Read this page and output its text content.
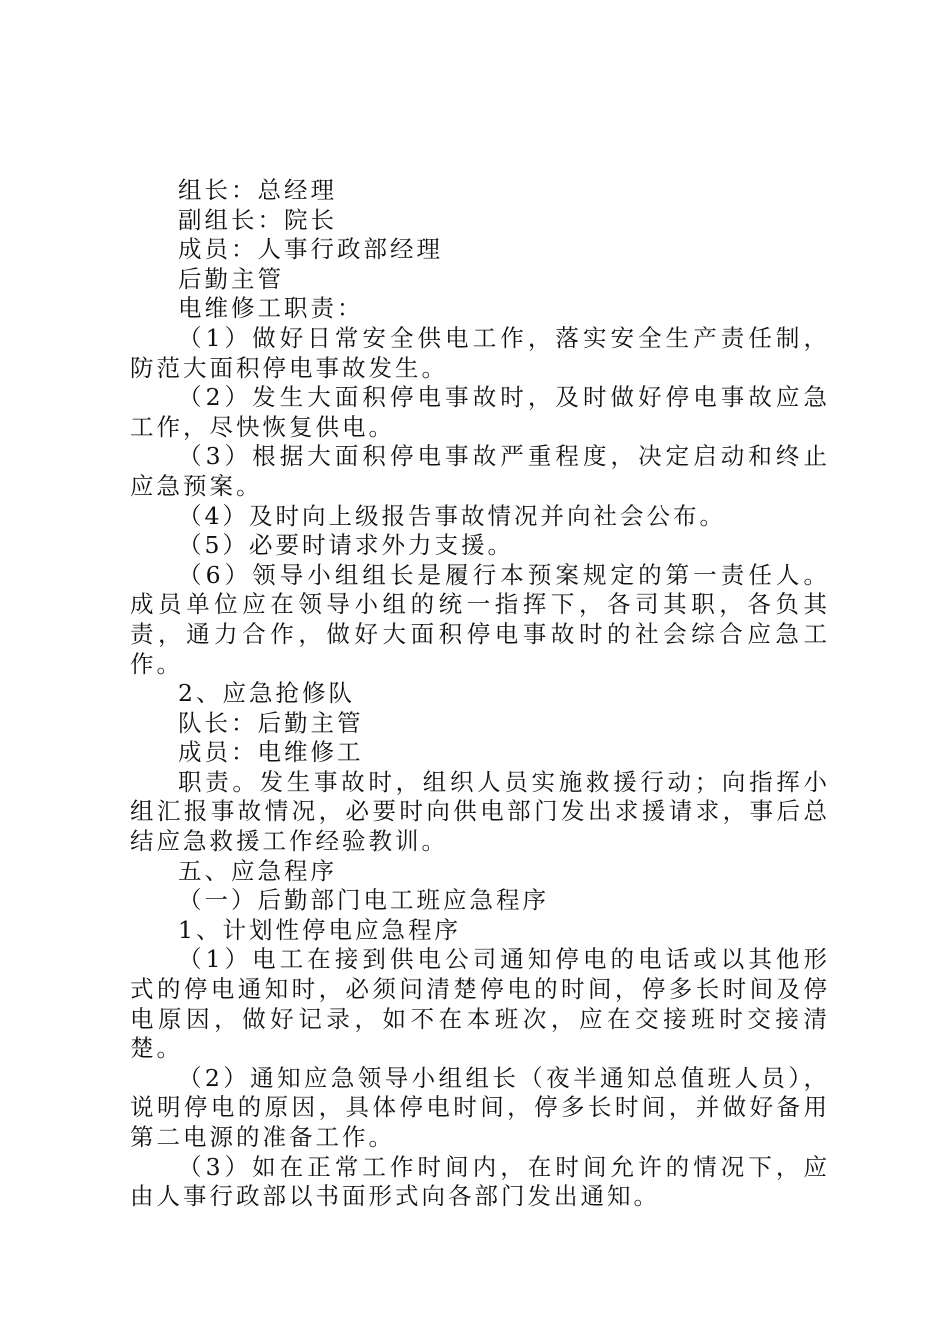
组长：总经理

副组长：院长

成员：人事行政部经理

后勤主管

电维修工职责：

（1）做好日常安全供电工作，落实安全生产责任制，防范大面积停电事故发生。

（2）发生大面积停电事故时，及时做好停电事故应急工作，尽快恢复供电。

（3）根据大面积停电事故严重程度，决定启动和终止应急预案。

（4）及时向上级报告事故情况并向社会公布。

（5）必要时请求外力支援。

（6）领导小组组长是履行本预案规定的第一责任人。成员单位应在领导小组的统一指挥下，各司其职，各负其责，通力合作，做好大面积停电事故时的社会综合应急工作。

2、应急抢修队

队长：后勤主管

成员：电维修工

职责。发生事故时，组织人员实施救援行动；向指挥小组汇报事故情况，必要时向供电部门发出求援请求，事后总结应急救援工作经验教训。

五、应急程序

（一）后勤部门电工班应急程序

1、计划性停电应急程序

（1）电工在接到供电公司通知停电的电话或以其他形式的停电通知时，必须问清楚停电的时间，停多长时间及停电原因，做好记录，如不在本班次，应在交接班时交接清楚。

（2）通知应急领导小组组长（夜半通知总值班人员），说明停电的原因，具体停电时间，停多长时间，并做好备用第二电源的准备工作。

（3）如在正常工作时间内，在时间允许的情况下，应由人事行政部以书面形式向各部门发出通知。
